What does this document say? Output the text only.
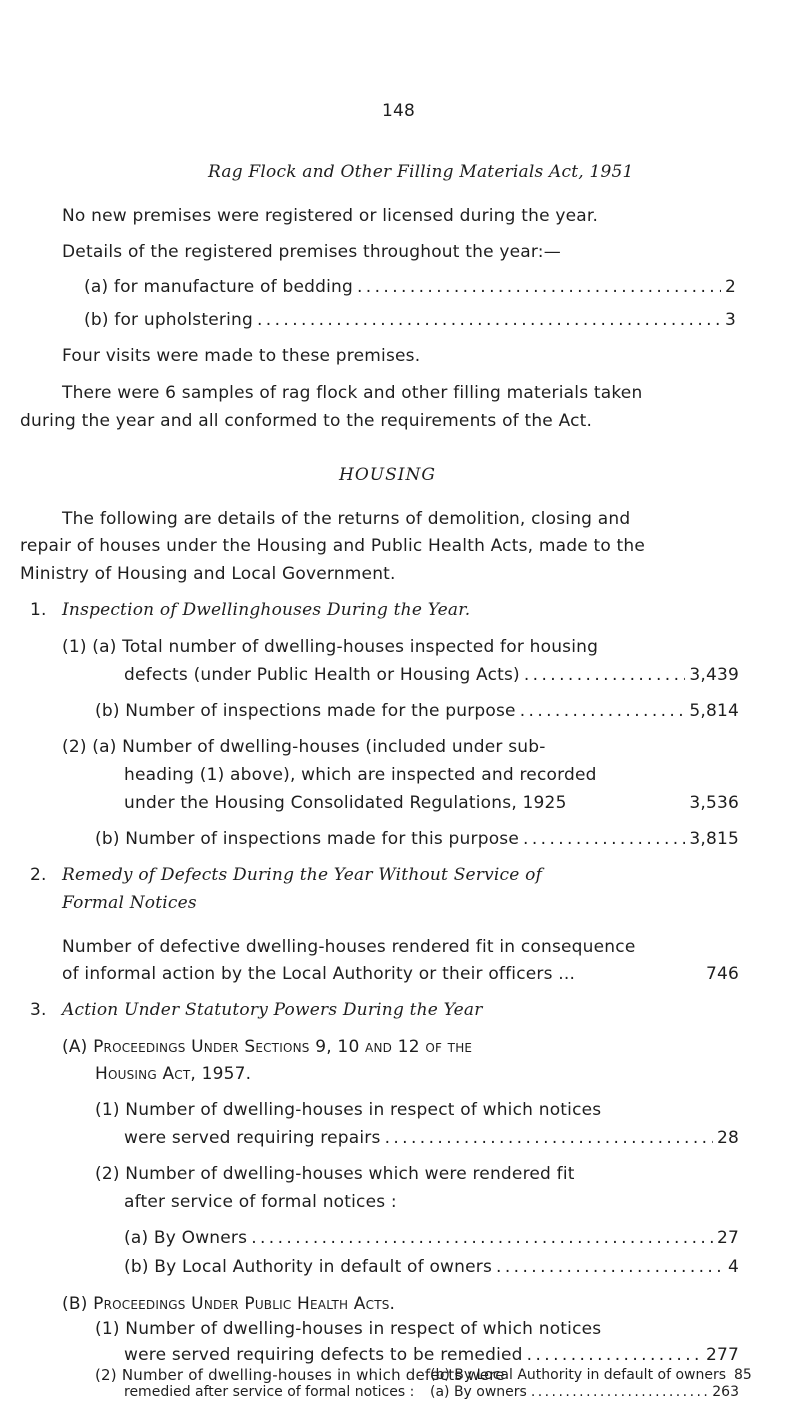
148
Rag Flock and Other Filling Materials Act, 1951
No new premises were registered or licensed during the year.
Details of the registered premises throughout the year:—
(a) for manufacture of bedding . . .	2
(b) for upholstering . . .	3
Four visits were made to these premises.
There were 6 samples of rag flock and other filling materials taken
during the year and all conformed to the requirements of the Act.
HOUSING
The following are details of the returns of demolition, closing and
repair of houses under the Housing and Public Health Acts, made to the
Ministry of Housing and Local Government.
1. Inspection of Dwellinghouses During the Year.
(1) (a) Total number of dwelling-houses inspected for housing
defects (under Public Health or Housing Acts) . . .	3,439
(b) Number of inspections made for the purpose . . .	5,814
(2) (a) Number of dwelling-houses (included under sub-
heading (1) above), which are inspected and recorded
under the Housing Consolidated Regulations, 1925	3,536
(b) Number of inspections made for this purpose . . .	3,815
2. Remedy of Defects During the Year Without Service of
Formal Notices
Number of defective dwelling-houses rendered fit in consequence
of informal action by the Local Authority or their officers ...	746
3. Action Under Statutory Powers During the Year
(A) Proceedings Under Sections 9, 10 and 12 of the
Housing Act, 1957.
(1) Number of dwelling-houses in respect of which notices
were served requiring repairs . . .	28
(2) Number of dwelling-houses which were rendered fit
after service of formal notices :
(a) By Owners . . .	27
(b) By Local Authority in default of owners . . .	4
(B) Proceedings Under Public Health Acts.
(1) Number of dwelling-houses in respect of which notices
were served requiring defects to be remedied . . .	277
(2) Number of dwelling-houses in which defects were
remedied after service of formal notices : (a) By owners . . .	263
(b) By Local Authority in default of owners 85
